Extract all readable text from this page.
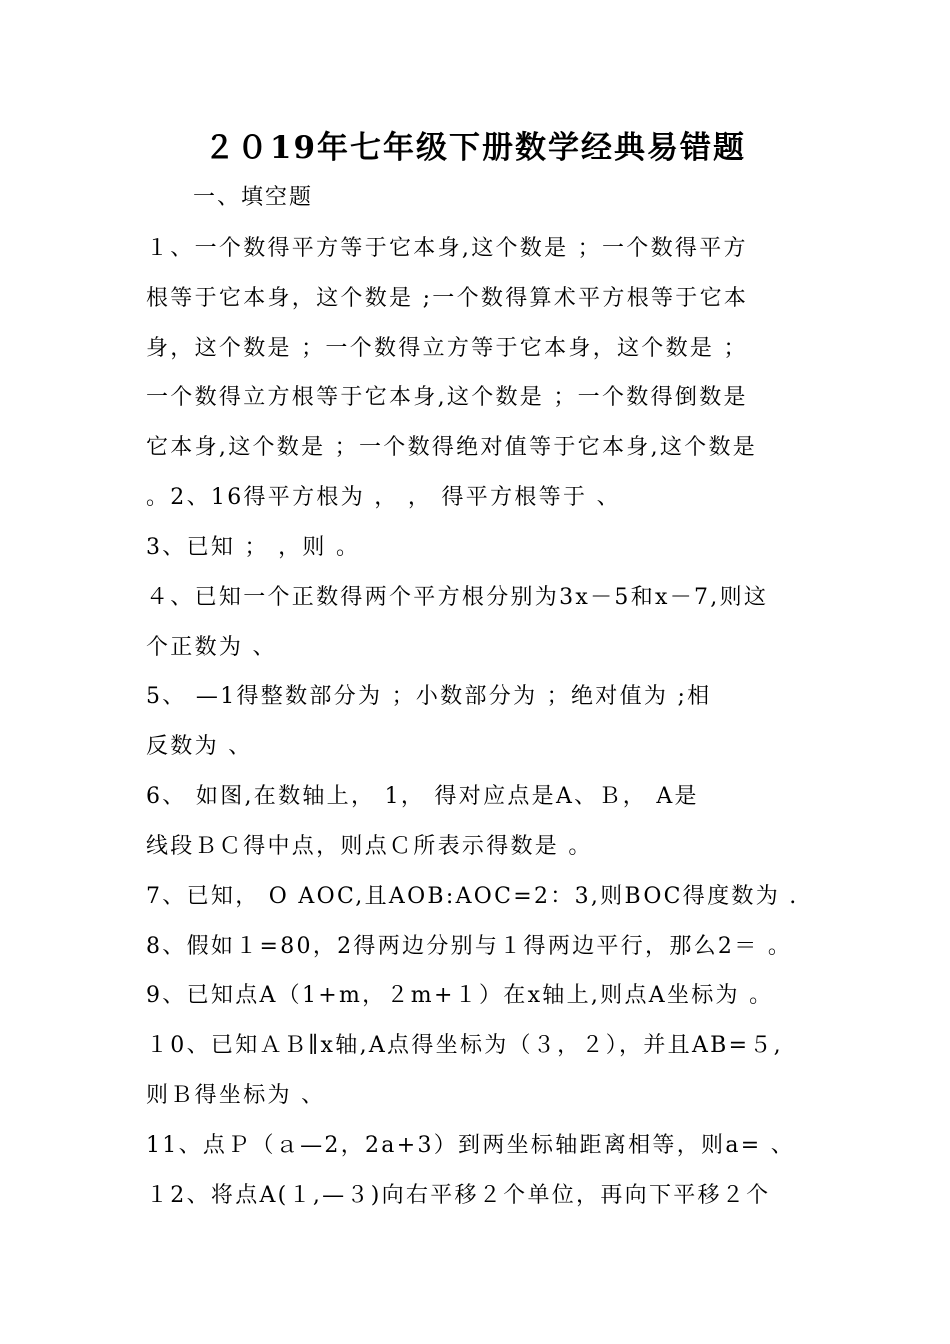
２０19年七年级下册数学经典易错题
一、填空题
１、一个数得平方等于它本身,这个数是 ；一个数得平方
根等于它本身，这个数是 ;一个数得算术平方根等于它本
身，这个数是 ；一个数得立方等于它本身，这个数是 ；
一个数得立方根等于它本身,这个数是 ；一个数得倒数是
它本身,这个数是 ；一个数得绝对值等于它本身,这个数是
。2、16得平方根为 ， ， 得平方根等于 、
3、已知 ； ，则 。
４、已知一个正数得两个平方根分别为3x－5和x－7,则这
个正数为 、
5、 —1得整数部分为 ；小数部分为 ；绝对值为 ;相
反数为 、
6、 如图,在数轴上， 1， 得对应点是A、Ｂ， A是
线段ＢＣ得中点，则点Ｃ所表示得数是 。
7、已知， O AOC,且AOB:AOC=2：3,则BOC得度数为 .
8、假如１=80，2得两边分别与１得两边平行，那么2＝ 。
9、已知点A（1+m，２m+１）在x轴上,则点A坐标为 。
１0、已知ＡＢ∥x轴,A点得坐标为（３，２），并且AB=５,
则Ｂ得坐标为 、
11、点Ｐ（ａ—2，2a+3）到两坐标轴距离相等，则a= 、
１2、将点A(１,—３)向右平移２个单位，再向下平移２个
